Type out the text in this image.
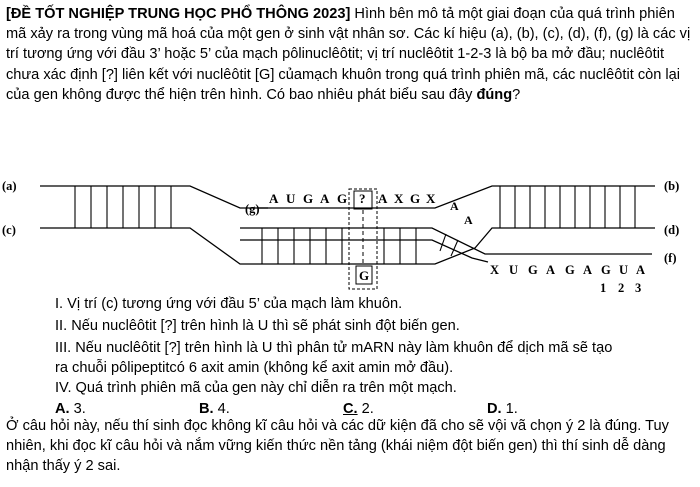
[ĐỀ TỐT NGHIỆP TRUNG HỌC PHỔ THÔNG 2023] Hình bên mô tả một giai đoạn của quá trình phiên mã xảy ra trong vùng mã hoá của một gen ở sinh vật nhân sơ. Các kí hiệu (a), (b), (c), (d), (f), (g) là các vị trí tương ứng với đầu 3’ hoặc 5’ của mạch pôlinuclêôtit; vị trí nuclêôtit 1-2-3 là bộ ba mở đầu; nuclêôtit chưa xác định [?] liên kết với nuclêôtit [G] củamạch khuôn trong quá trình phiên mã, các nuclêôtit còn lại của gen không được thể hiện trên hình. Có bao nhiêu phát biểu sau đây đúng?
(a)
(c)
(b)
(d)
(f)
(g)
A U G A G ? A X G X A
A
G	X U G A G A G U A
1 2 3
I. Vị trí (c) tương ứng với đầu 5’ của mạch làm khuôn.
II. Nếu nuclêôtit [?] trên hình là U thì sẽ phát sinh đột biến gen.
III. Nếu nuclêôtit [?] trên hình là U thì phân tử mARN này làm khuôn để dịch mã sẽ tạo
ra chuỗi pôlipeptitcó 6 axit amin (không kể axit amin mở đầu).
IV. Quá trình phiên mã của gen này chỉ diễn ra trên một mạch.
A. 3.	B. 4.	C. 2.	D. 1.
Ở câu hỏi này, nếu thí sinh đọc không kĩ câu hỏi và các dữ kiện đã cho sẽ vội vã chọn ý 2 là đúng. Tuy nhiên, khi đọc kĩ câu hỏi và nắm vững kiến thức nền tảng (khái niệm đột biến gen) thì thí sinh dễ dàng nhận thấy ý 2 sai.
